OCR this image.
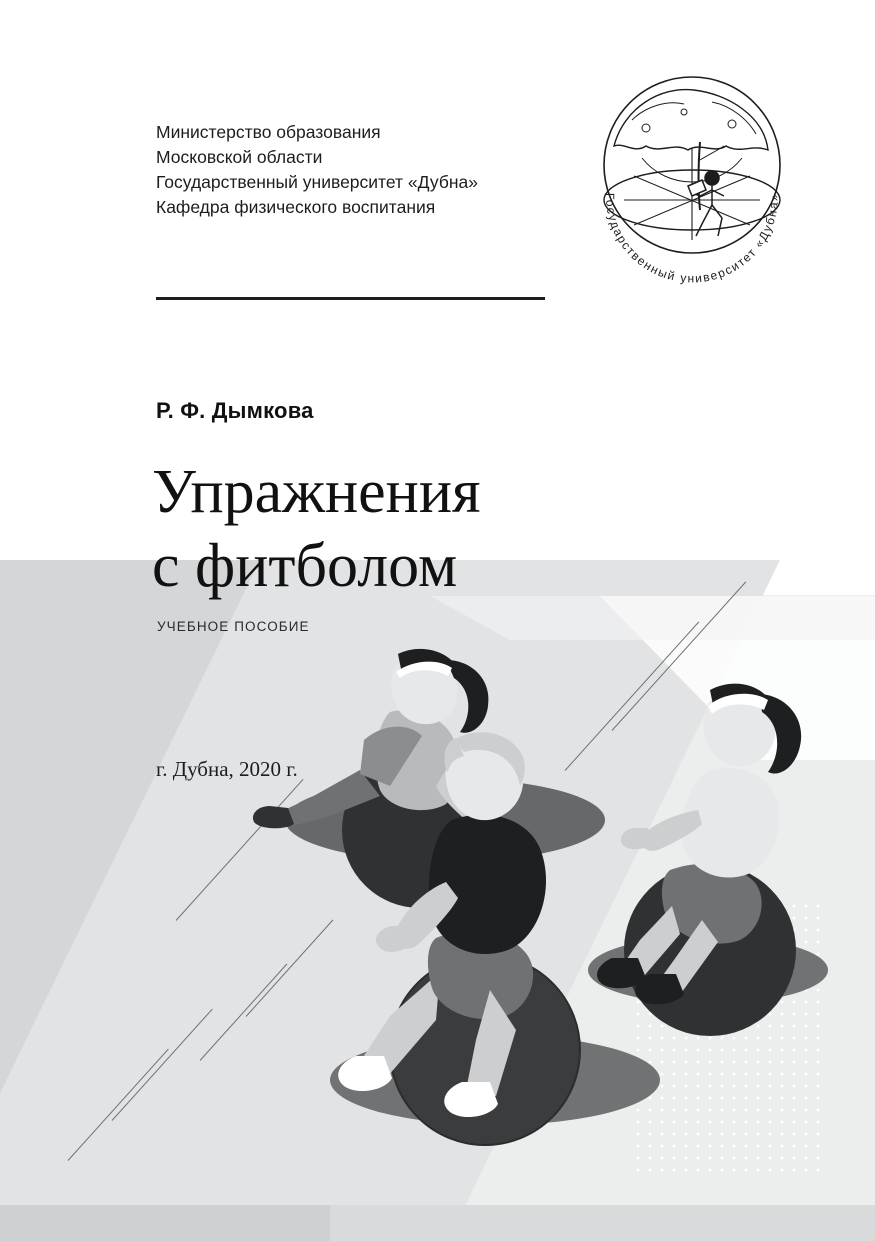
Министерство образования
Московской области
Государственный университет «Дубна»
Кафедра физического воспитания
Государственный университет «Дубна»
Р. Ф. Дымкова
Упражнения
с фитболом
УЧЕБНОЕ ПОСОБИЕ
г. Дубна, 2020 г.
